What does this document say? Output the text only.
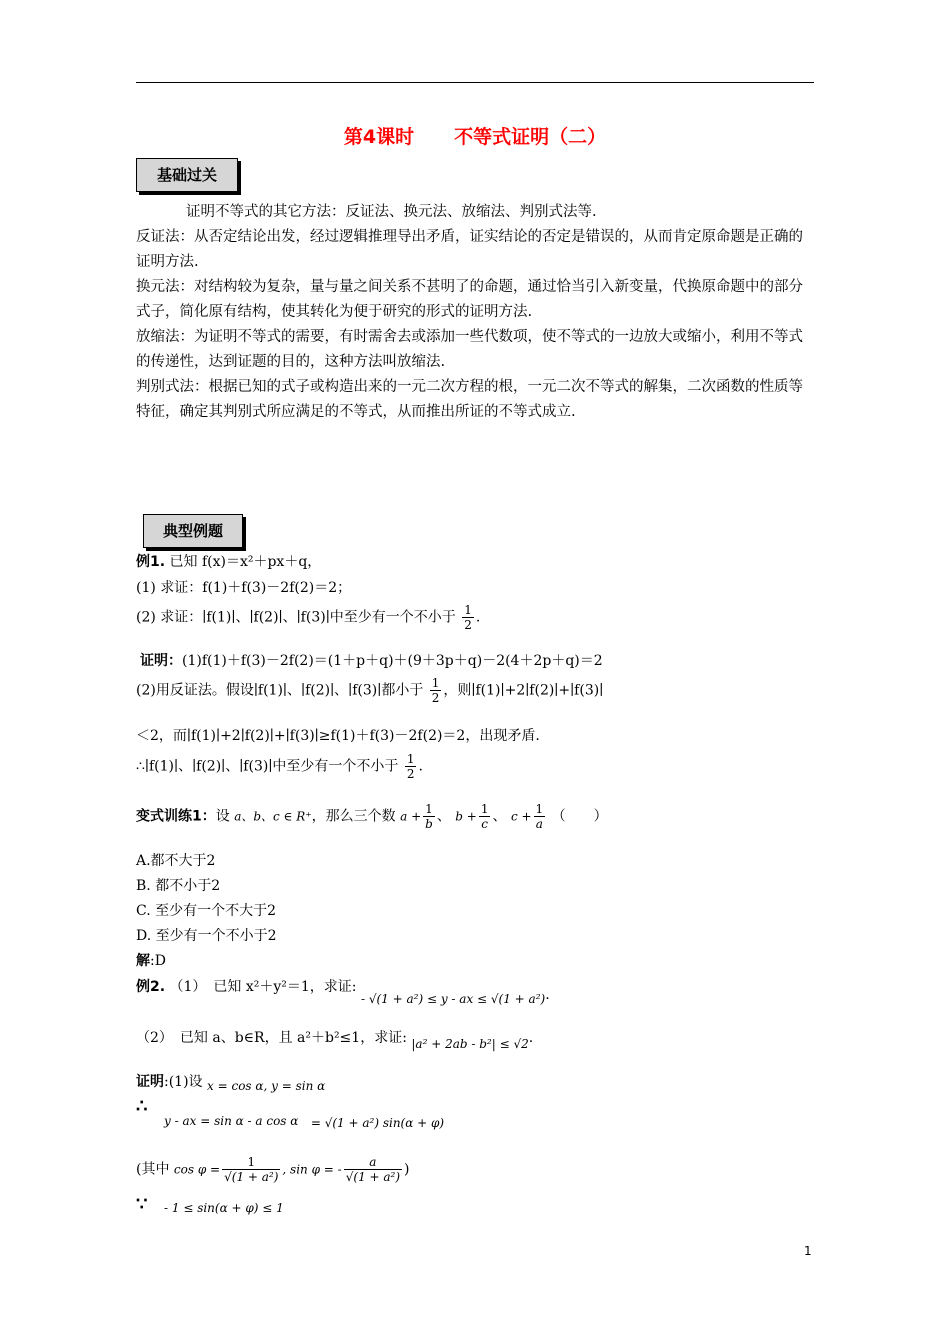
第4课时 不等式证明（二）
基础过关
证明不等式的其它方法：反证法、换元法、放缩法、判别式法等.
反证法：从否定结论出发，经过逻辑推理导出矛盾，证实结论的否定是错误的，从而肯定原命题是正确的证明方法.
换元法：对结构较为复杂，量与量之间关系不甚明了的命题，通过恰当引入新变量，代换原命题中的部分式子，简化原有结构，使其转化为便于研究的形式的证明方法.
放缩法：为证明不等式的需要，有时需舍去或添加一些代数项，使不等式的一边放大或缩小，利用不等式的传递性，达到证题的目的，这种方法叫放缩法.
判别式法：根据已知的式子或构造出来的一元二次方程的根，一元二次不等式的解集，二次函数的性质等特征，确定其判别式所应满足的不等式，从而推出所证的不等式成立.
典型例题
例1. 已知 f(x)＝x²＋px＋q，
(1) 求证：f(1)＋f(3)－2f(2)＝2；
(2) 求证：∣f(1)∣、∣f(2)∣、∣f(3)∣中至少有一个不小于 $\frac{1}{2}$ .
证明：(1)f(1)＋f(3)－2f(2)＝(1＋p＋q)＋(9＋3p＋q)－2(4＋2p＋q)＝2
(2)用反证法。假设∣f(1)∣、∣f(2)∣、∣f(3)∣都小于 $\frac{1}{2}$ ，则∣f(1)∣+2∣f(2)∣+∣f(3)∣
＜2，而∣f(1)∣+2∣f(2)∣+∣f(3)∣≥f(1)＋f(3)－2f(2)＝2，出现矛盾.
∴∣f(1)∣、∣f(2)∣、∣f(3)∣中至少有一个不小于 $\frac{1}{2}$ .
变式训练1：设 a、b、c ∈ R⁺，那么三个数 $a + \frac{1}{b}$ 、 $b + \frac{1}{c}$ 、 $c + \frac{1}{a}$ （　　）
A.都不大于2
B. 都不小于2
C. 至少有一个不大于2
D. 至少有一个不小于2
解:D
例2. （1）　已知 x²＋y²＝1，求证: - √(1 + a²) ≤ y - ax ≤ √(1 + a²).
（2）　已知 a、b∈R，且 a²＋b²≤1，求证: |a² + 2ab - b²| ≤ √2.
证明:(1)设 x = cos α, y = sin α
∴
y - ax = sin α - a cos α = √(1 + a²) sin(α + φ)
(其中 $\cos \varphi = \frac{1}{\text{√(1 + a²)}}$ , sin φ = - $\frac{a}{\text{√(1 + a²)}}$ )
∵ - 1 ≤ sin(α + φ) ≤ 1
1
